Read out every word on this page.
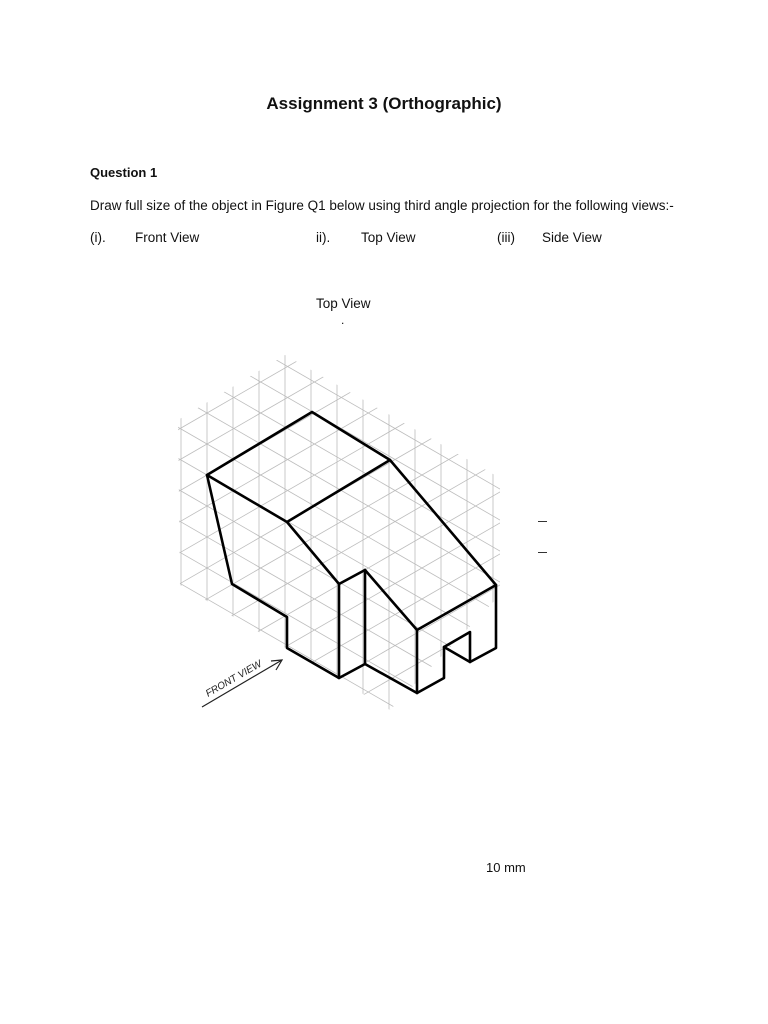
Assignment 3 (Orthographic)
Question 1
Draw full size of the object in Figure Q1 below using third angle projection for the following views:-
(i). Front View	ii). Top View	(iii) Side View
Top View
.
FRONT VIEW
10 mm
